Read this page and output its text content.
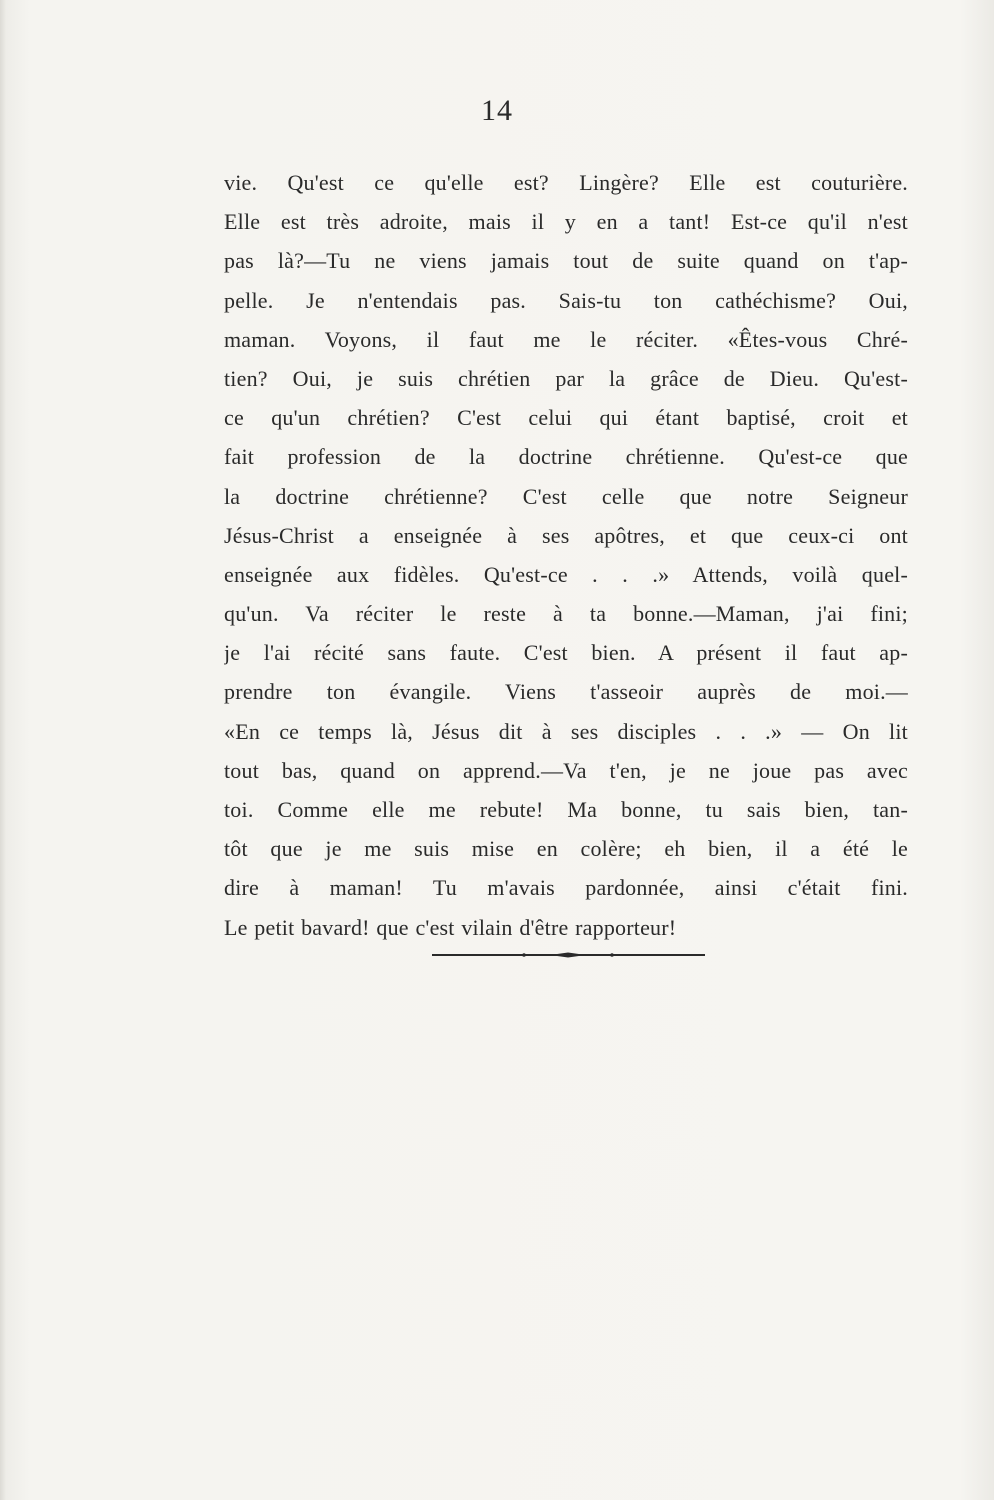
14
vie. Qu'est ce qu'elle est? Lingère? Elle est couturière.
Elle est très adroite, mais il y en a tant! Est-ce qu'il n'est
pas là?—Tu ne viens jamais tout de suite quand on t'ap-
pelle. Je n'entendais pas. Sais-tu ton cathéchisme? Oui,
maman. Voyons, il faut me le réciter. «Êtes-vous Chré-
tien? Oui, je suis chrétien par la grâce de Dieu. Qu'est-
ce qu'un chrétien? C'est celui qui étant baptisé, croit et
fait profession de la doctrine chrétienne. Qu'est-ce que
la doctrine chrétienne? C'est celle que notre Seigneur
Jésus-Christ a enseignée à ses apôtres, et que ceux-ci ont
enseignée aux fidèles. Qu'est-ce . . .» Attends, voilà quel-
qu'un. Va réciter le reste à ta bonne.—Maman, j'ai fini;
je l'ai récité sans faute. C'est bien. A présent il faut ap-
prendre ton évangile. Viens t'asseoir auprès de moi.—
«En ce temps là, Jésus dit à ses disciples . . .» — On lit
tout bas, quand on apprend.—Va t'en, je ne joue pas avec
toi. Comme elle me rebute! Ma bonne, tu sais bien, tan-
tôt que je me suis mise en colère; eh bien, il a été le
dire à maman! Tu m'avais pardonnée, ainsi c'était fini.
Le petit bavard! que c'est vilain d'être rapporteur!
